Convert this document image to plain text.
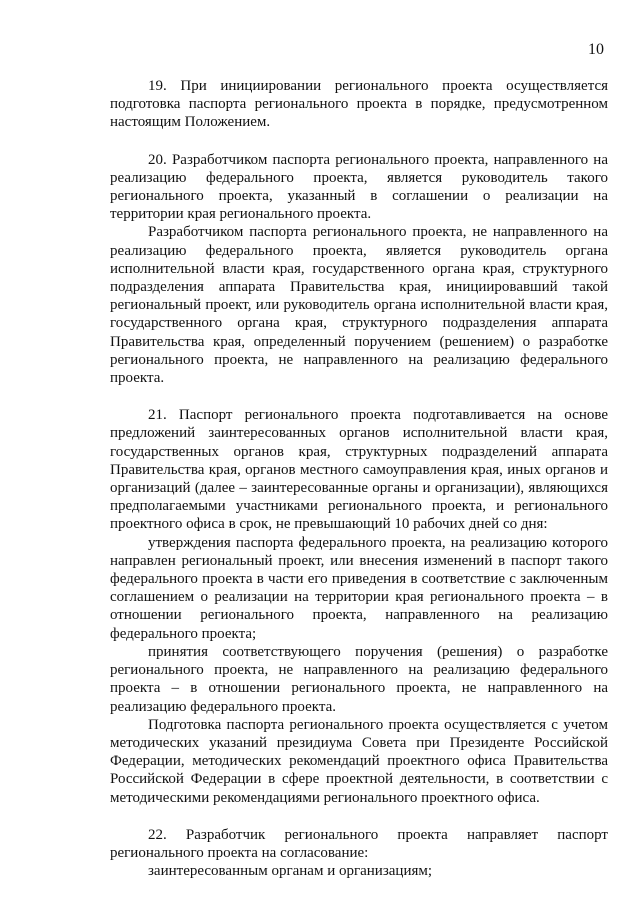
10

19. При инициировании регионального проекта осуществляется подготовка паспорта регионального проекта в порядке, предусмотренном настоящим Положением.

20. Разработчиком паспорта регионального проекта, направленного на реализацию федерального проекта, является руководитель такого регионального проекта, указанный в соглашении о реализации на территории края регионального проекта.

Разработчиком паспорта регионального проекта, не направленного на реализацию федерального проекта, является руководитель органа исполнительной власти края, государственного органа края, структурного подразделения аппарата Правительства края, инициировавший такой региональный проект, или руководитель органа исполнительной власти края, государственного органа края, структурного подразделения аппарата Правительства края, определенный поручением (решением) о разработке регионального проекта, не направленного на реализацию федерального проекта.

21. Паспорт регионального проекта подготавливается на основе предложений заинтересованных органов исполнительной власти края, государственных органов края, структурных подразделений аппарата Правительства края, органов местного самоуправления края, иных органов и организаций (далее – заинтересованные органы и организации), являющихся предполагаемыми участниками регионального проекта, и регионального проектного офиса в срок, не превышающий 10 рабочих дней со дня:

утверждения паспорта федерального проекта, на реализацию которого направлен региональный проект, или внесения изменений в паспорт такого федерального проекта в части его приведения в соответствие с заключенным соглашением о реализации на территории края регионального проекта – в отношении регионального проекта, направленного на реализацию федерального проекта;

принятия соответствующего поручения (решения) о разработке регионального проекта, не направленного на реализацию федерального проекта – в отношении регионального проекта, не направленного на реализацию федерального проекта.

Подготовка паспорта регионального проекта осуществляется с учетом методических указаний президиума Совета при Президенте Российской Федерации, методических рекомендаций проектного офиса Правительства Российской Федерации в сфере проектной деятельности, в соответствии с методическими рекомендациями регионального проектного офиса.

22. Разработчик регионального проекта направляет паспорт регионального проекта на согласование:

заинтересованным органам и организациям;
